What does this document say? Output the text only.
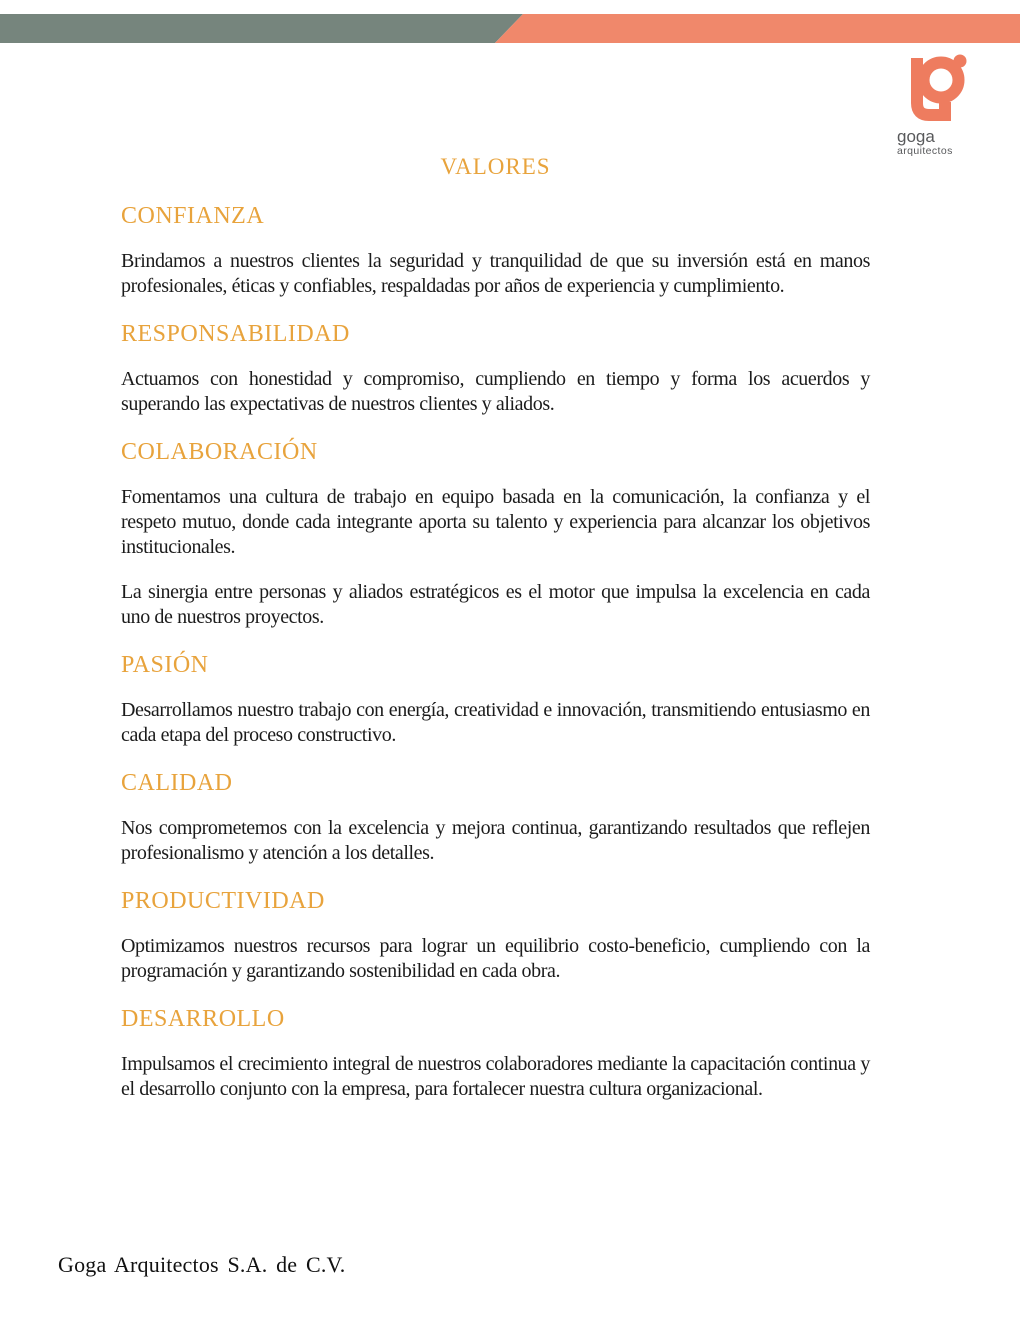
goga
arquitectos
VALORES
CONFIANZA

Brindamos a nuestros clientes la seguridad y tranquilidad de que su inversión está en manos profesionales, éticas y confiables, respaldadas por años de experiencia y cumplimiento.

RESPONSABILIDAD

Actuamos con honestidad y compromiso, cumpliendo en tiempo y forma los acuerdos y superando las expectativas de nuestros clientes y aliados.

COLABORACIÓN

Fomentamos una cultura de trabajo en equipo basada en la comunicación, la confianza y el respeto mutuo, donde cada integrante aporta su talento y experiencia para alcanzar los objetivos institucionales.

La sinergia entre personas y aliados estratégicos es el motor que impulsa la excelencia en cada uno de nuestros proyectos.

PASIÓN

Desarrollamos nuestro trabajo con energía, creatividad e innovación, transmitiendo entusiasmo en cada etapa del proceso constructivo.

CALIDAD

Nos comprometemos con la excelencia y mejora continua, garantizando resultados que reflejen profesionalismo y atención a los detalles.

PRODUCTIVIDAD

Optimizamos nuestros recursos para lograr un equilibrio costo-beneficio, cumpliendo con la programación y garantizando sostenibilidad en cada obra.

DESARROLLO

Impulsamos el crecimiento integral de nuestros colaboradores mediante la capacitación continua y el desarrollo conjunto con la empresa, para fortalecer nuestra cultura organizacional.

Goga Arquitectos S.A. de C.V.
